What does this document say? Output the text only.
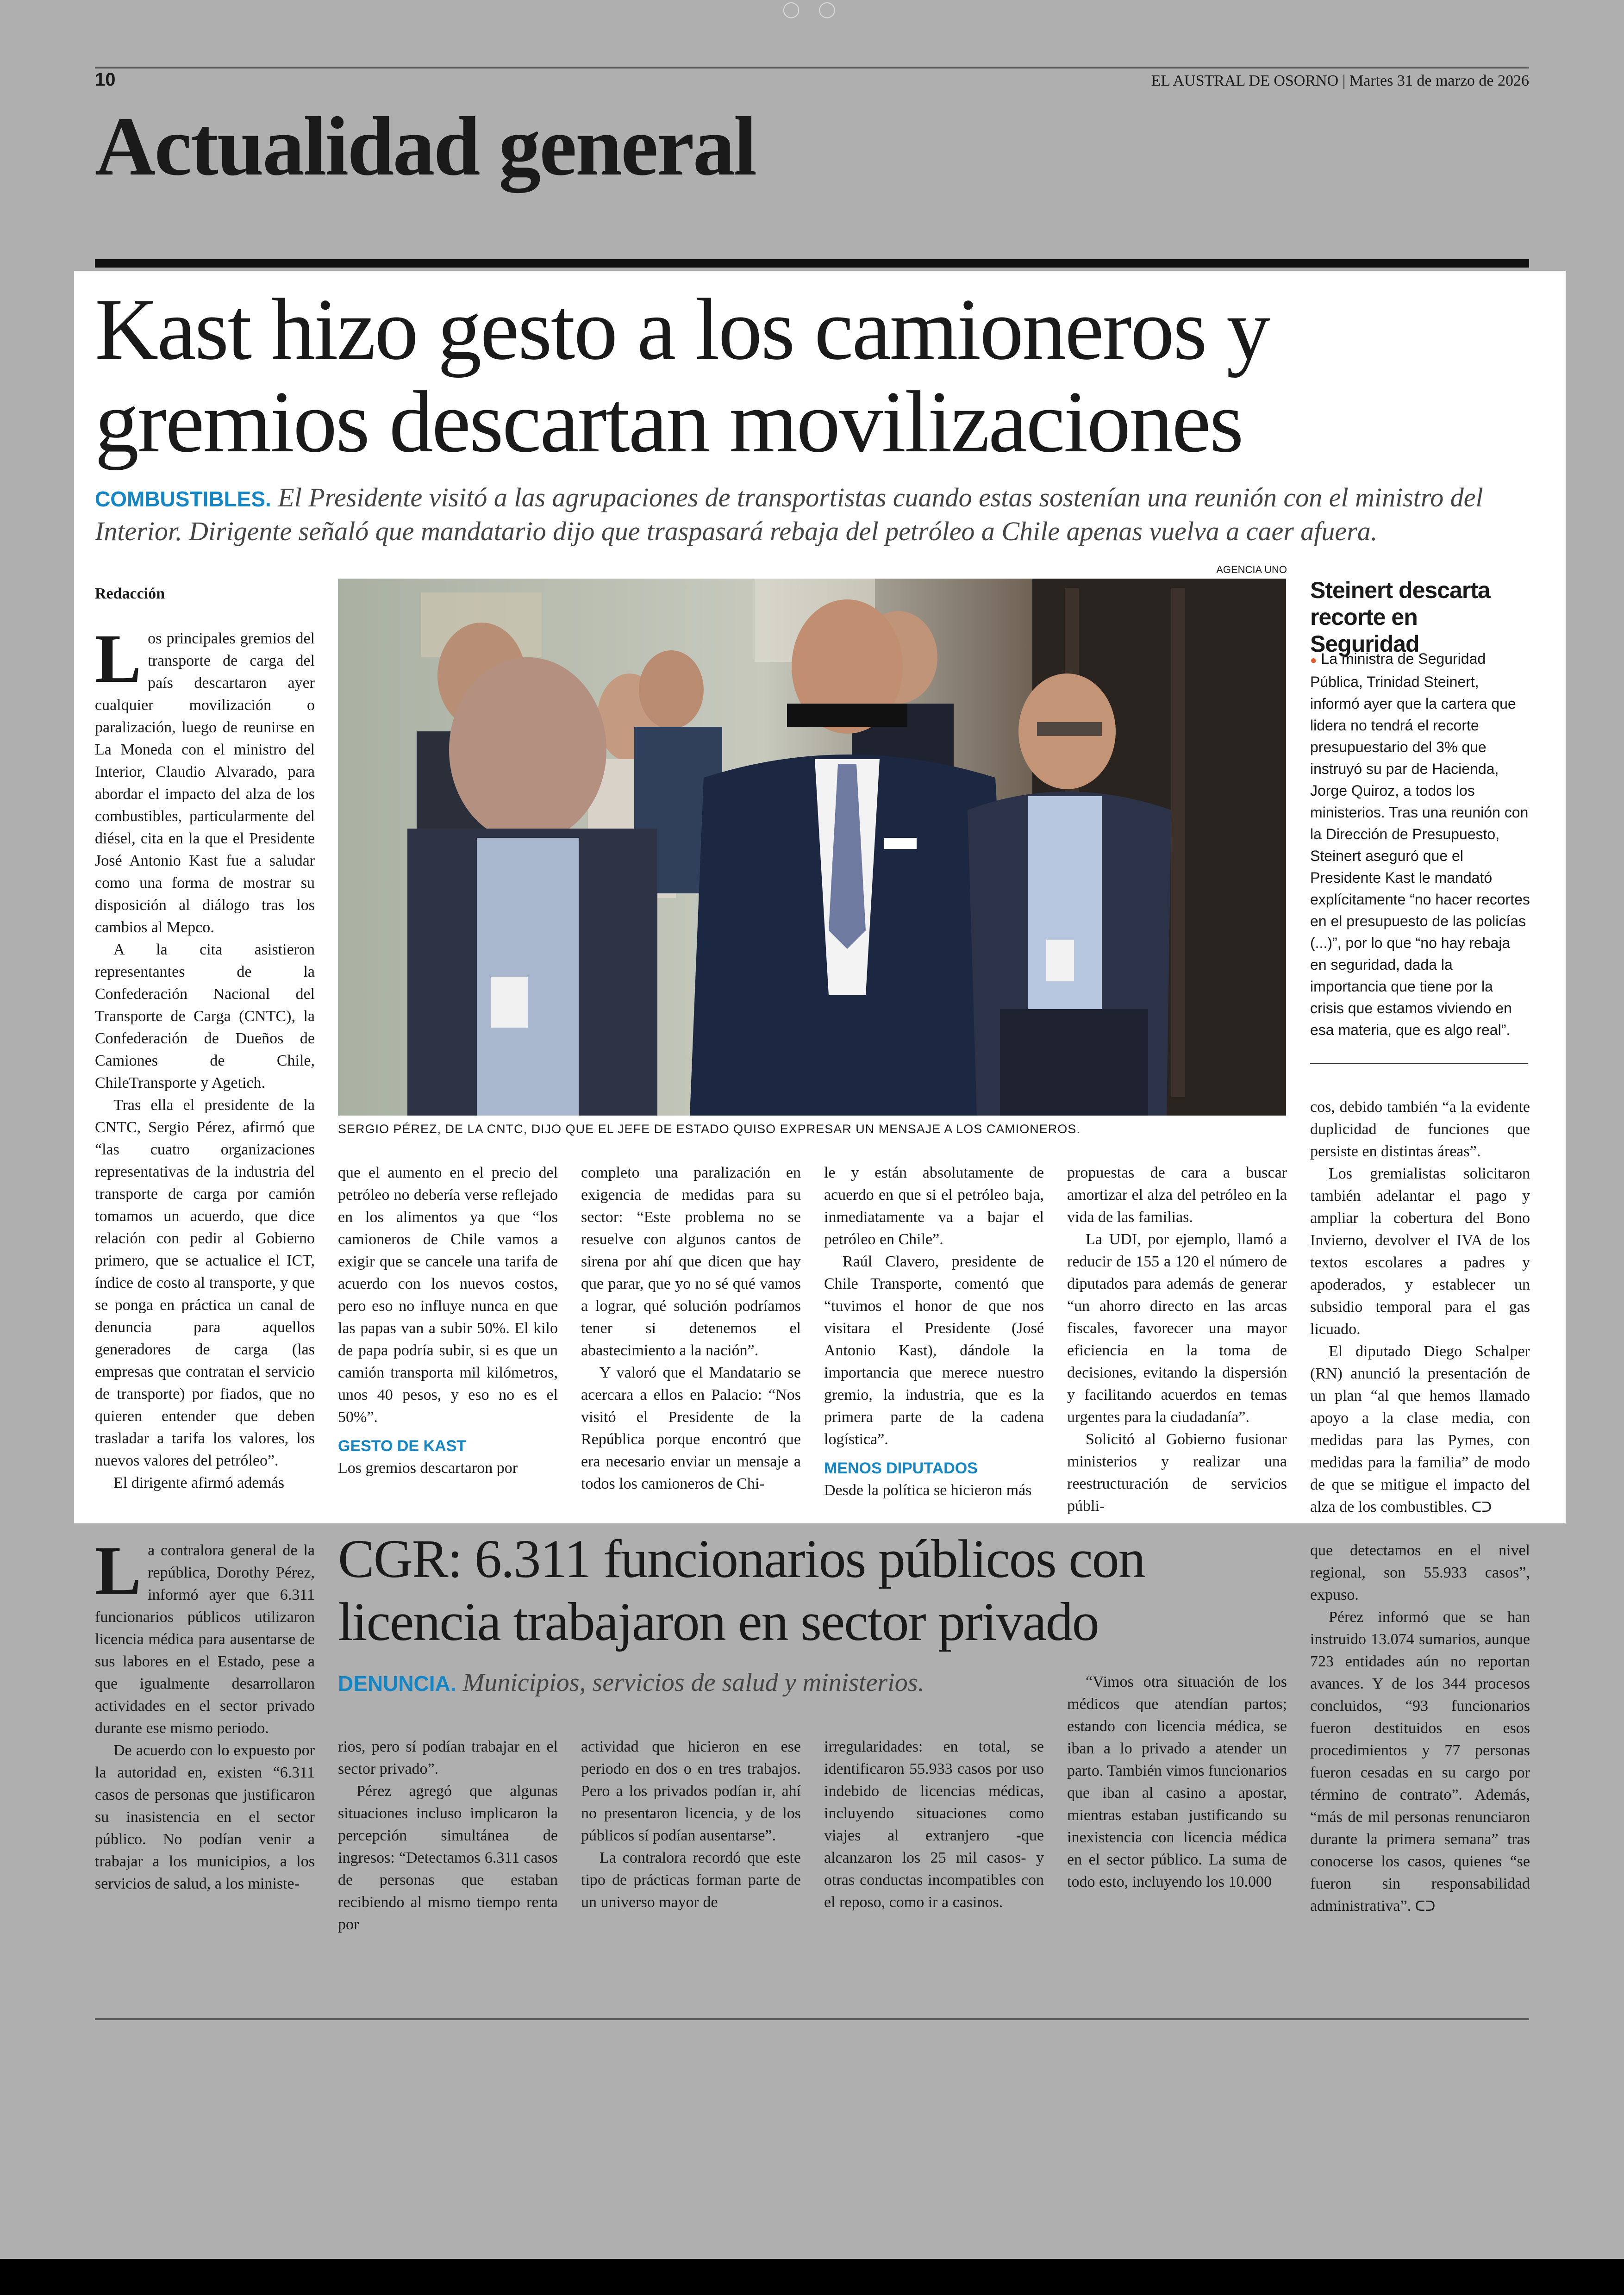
◯ ◯
10	EL AUSTRAL DE OSORNO | Martes 31 de marzo de 2026
Actualidad general
Kast hizo gesto a los camioneros y gremios descartan movilizaciones
COMBUSTIBLES. El Presidente visitó a las agrupaciones de transportistas cuando estas sostenían una reunión con el ministro del Interior. Dirigente señaló que mandatario dijo que traspasará rebaja del petróleo a Chile apenas vuelva a caer afuera.
AGENCIA UNO
SERGIO PÉREZ, DE LA CNTC, DIJO QUE EL JEFE DE ESTADO QUISO EXPRESAR UN MENSAJE A LOS CAMIONEROS.
Redacción

Los principales gremios del transporte de carga del país descartaron ayer cualquier movilización o paralización, luego de reunirse en La Moneda con el ministro del Interior, Claudio Alvarado, para abordar el impacto del alza de los combustibles, particularmente del diésel, cita en la que el Presidente José Antonio Kast fue a saludar como una forma de mostrar su disposición al diálogo tras los cambios al Mepco.

A la cita asistieron representantes de la Confederación Nacional del Transporte de Carga (CNTC), la Confederación de Dueños de Camiones de Chile, ChileTransporte y Agetich.

Tras ella el presidente de la CNTC, Sergio Pérez, afirmó que “las cuatro organizaciones representativas de la industria del transporte de carga por camión tomamos un acuerdo, que dice relación con pedir al Gobierno primero, que se actualice el ICT, índice de costo al transporte, y que se ponga en práctica un canal de denuncia para aquellos generadores de carga (las empresas que contratan el servicio de transporte) por fiados, que no quieren entender que deben trasladar a tarifa los valores, los nuevos valores del petróleo”.

El dirigente afirmó además

que el aumento en el precio del petróleo no debería verse reflejado en los alimentos ya que “los camioneros de Chile vamos a exigir que se cancele una tarifa de acuerdo con los nuevos costos, pero eso no influye nunca en que las papas van a subir 50%. El kilo de papa podría subir, si es que un camión transporta mil kilómetros, unos 40 pesos, y eso no es el 50%”.

GESTO DE KAST

Los gremios descartaron por

completo una paralización en exigencia de medidas para su sector: “Este problema no se resuelve con algunos cantos de sirena por ahí que dicen que hay que parar, que yo no sé qué vamos a lograr, qué solución podríamos tener si detenemos el abastecimiento a la nación”.

Y valoró que el Mandatario se acercara a ellos en Palacio: “Nos visitó el Presidente de la República porque encontró que era necesario enviar un mensaje a todos los camioneros de Chi-

le y están absolutamente de acuerdo en que si el petróleo baja, inmediatamente va a bajar el petróleo en Chile”.

Raúl Clavero, presidente de Chile Transporte, comentó que “tuvimos el honor de que nos visitara el Presidente (José Antonio Kast), dándole la importancia que merece nuestro gremio, la industria, que es la primera parte de la cadena logística”.

MENOS DIPUTADOS

Desde la política se hicieron más

propuestas de cara a buscar amortizar el alza del petróleo en la vida de las familias.

La UDI, por ejemplo, llamó a reducir de 155 a 120 el número de diputados para además de generar “un ahorro directo en las arcas fiscales, favorecer una mayor eficiencia en la toma de decisiones, evitando la dispersión y facilitando acuerdos en temas urgentes para la ciudadanía”.

Solicitó al Gobierno fusionar ministerios y realizar una reestructuración de servicios públi-

Steinert descarta recorte en Seguridad
● La ministra de Seguridad Pública, Trinidad Steinert, informó ayer que la cartera que lidera no tendrá el recorte presupuestario del 3% que instruyó su par de Hacienda, Jorge Quiroz, a todos los ministerios. Tras una reunión con la Dirección de Presupuesto, Steinert aseguró que el Presidente Kast le mandató explícitamente “no hacer recortes en el presupuesto de las policías (...)”, por lo que “no hay rebaja en seguridad, dada la importancia que tiene por la crisis que estamos viviendo en esa materia, que es algo real”.

cos, debido también “a la evidente duplicidad de funciones que persiste en distintas áreas”.

Los gremialistas solicitaron también adelantar el pago y ampliar la cobertura del Bono Invierno, devolver el IVA de los textos escolares a padres y apoderados, y establecer un subsidio temporal para el gas licuado.

El diputado Diego Schalper (RN) anunció la presentación de un plan “al que hemos llamado apoyo a la clase media, con medidas para las Pymes, con medidas para la familia” de modo de que se mitigue el impacto del alza de los combustibles. ᑕᑐ

La contralora general de la república, Dorothy Pérez, informó ayer que 6.311 funcionarios públicos utilizaron licencia médica para ausentarse de sus labores en el Estado, pese a que igualmente desarrollaron actividades en el sector privado durante ese mismo periodo.

De acuerdo con lo expuesto por la autoridad en, existen “6.311 casos de personas que justificaron su inasistencia en el sector público. No podían venir a trabajar a los municipios, a los servicios de salud, a los ministe-

CGR: 6.311 funcionarios públicos con licencia trabajaron en sector privado
DENUNCIA. Municipios, servicios de salud y ministerios.

rios, pero sí podían trabajar en el sector privado”.

Pérez agregó que algunas situaciones incluso implicaron la percepción simultánea de ingresos: “Detectamos 6.311 casos de personas que estaban recibiendo al mismo tiempo renta por

actividad que hicieron en ese periodo en dos o en tres trabajos. Pero a los privados podían ir, ahí no presentaron licencia, y de los públicos sí podían ausentarse”.

La contralora recordó que este tipo de prácticas forman parte de un universo mayor de

irregularidades: en total, se identificaron 55.933 casos por uso indebido de licencias médicas, incluyendo situaciones como viajes al extranjero -que alcanzaron los 25 mil casos- y otras conductas incompatibles con el reposo, como ir a casinos.

“Vimos otra situación de los médicos que atendían partos; estando con licencia médica, se iban a lo privado a atender un parto. También vimos funcionarios que iban al casino a apostar, mientras estaban justificando su inexistencia con licencia médica en el sector público. La suma de todo esto, incluyendo los 10.000

que detectamos en el nivel regional, son 55.933 casos”, expuso.

Pérez informó que se han instruido 13.074 sumarios, aunque 723 entidades aún no reportan avances. Y de los 344 procesos concluidos, “93 funcionarios fueron destituidos en esos procedimientos y 77 personas fueron cesadas en su cargo por término de contrato”. Además, “más de mil personas renunciaron durante la primera semana” tras conocerse los casos, quienes “se fueron sin responsabilidad administrativa”. ᑕᑐ
